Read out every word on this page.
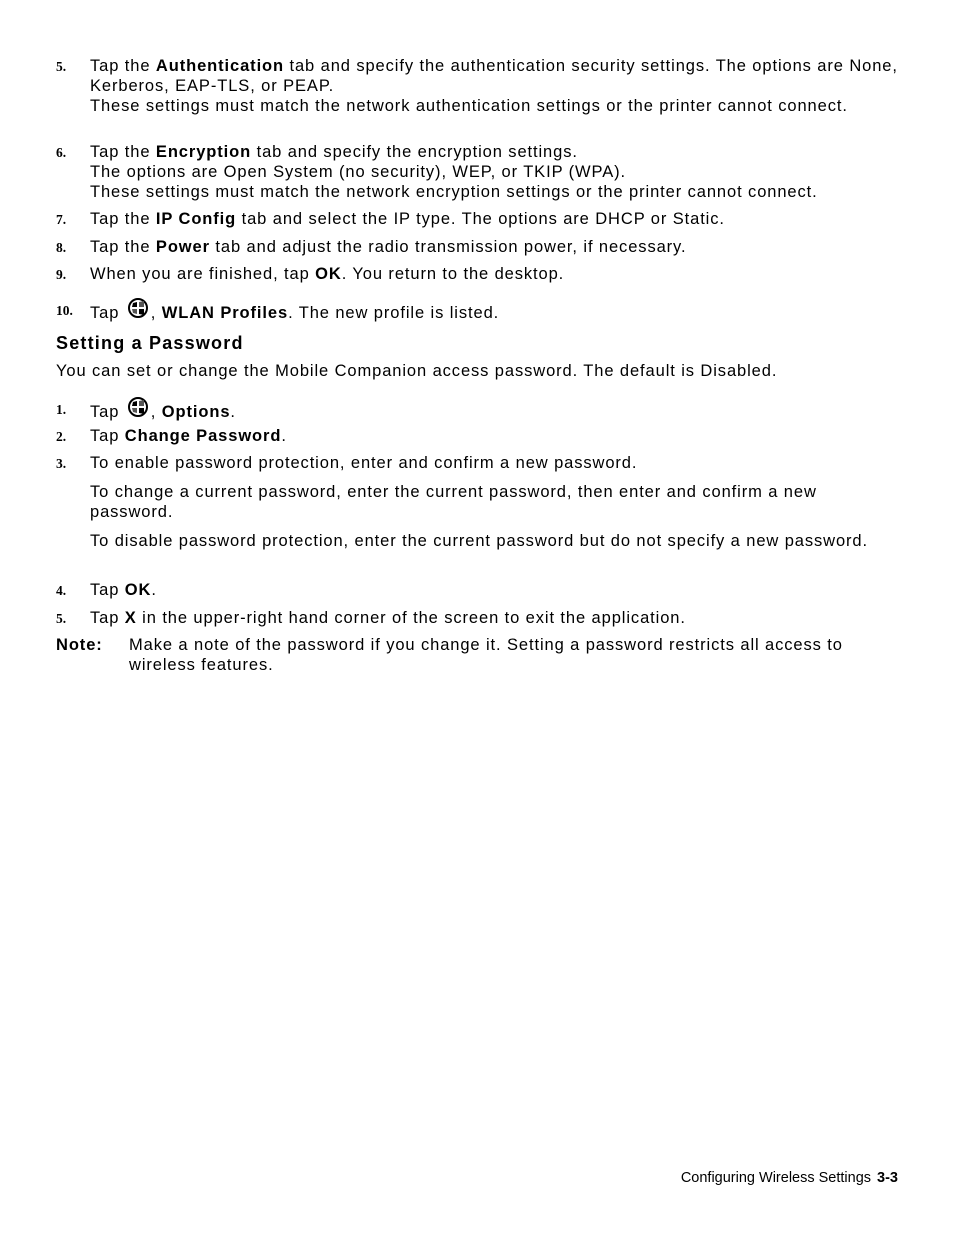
5. Tap the Authentication tab and specify the authentication security settings. The options are None, Kerberos, EAP-TLS, or PEAP.
These settings must match the network authentication settings or the printer cannot connect.
6. Tap the Encryption tab and specify the encryption settings.
The options are Open System (no security), WEP, or TKIP (WPA).
These settings must match the network encryption settings or the printer cannot connect.
7. Tap the IP Config tab and select the IP type. The options are DHCP or Static.
8. Tap the Power tab and adjust the radio transmission power, if necessary.
9. When you are finished, tap OK. You return to the desktop.
10. Tap , WLAN Profiles. The new profile is listed.
Setting a Password
You can set or change the Mobile Companion access password. The default is Disabled.
1. Tap , Options.
2. Tap Change Password.
3. To enable password protection, enter and confirm a new password.
To change a current password, enter the current password, then enter and confirm a new password.
To disable password protection, enter the current password but do not specify a new password.
4. Tap OK.
5. Tap X in the upper-right hand corner of the screen to exit the application.
Note: Make a note of the password if you change it. Setting a password restricts all access to wireless features.
Configuring Wireless Settings 3-3
